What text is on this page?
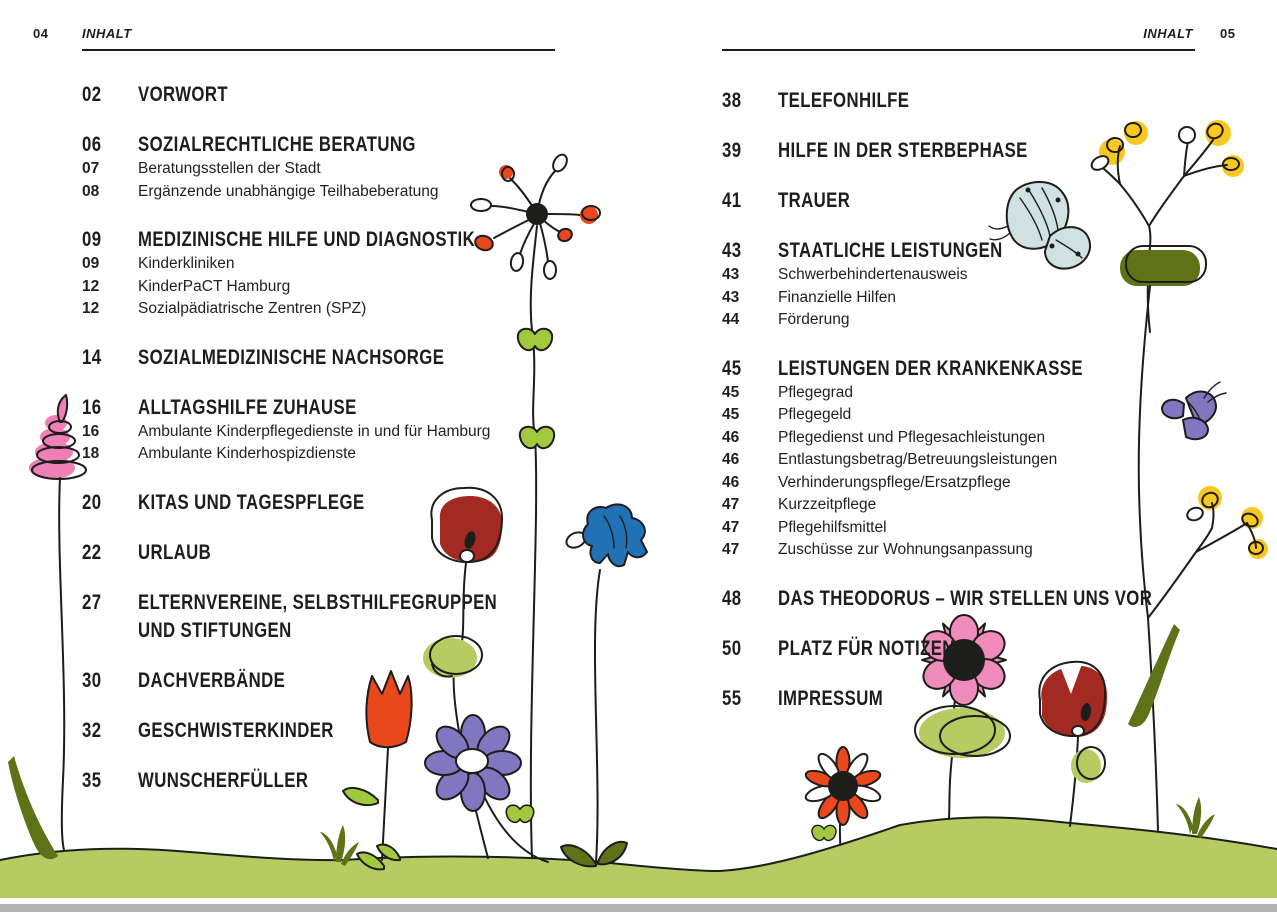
04	INHALT	INHALT 05
02	VORWORT
06	SOZIALRECHTLICHE BERATUNG
07	Beratungsstellen der Stadt
08	Ergänzende unabhängige Teilhabeberatung
09	MEDIZINISCHE HILFE UND DIAGNOSTIK
09	Kinderkliniken
12	KinderPaCT Hamburg
12	Sozialpädiatrische Zentren (SPZ)
14	SOZIALMEDIZINISCHE NACHSORGE
16	ALLTAGSHILFE ZUHAUSE
16	Ambulante Kinderpflegedienste in und für Hamburg
18	Ambulante Kinderhospizdienste
20	KITAS UND TAGESPFLEGE
22	URLAUB
27	ELTERNVEREINE, SELBSTHILFEGRUPPEN
UND STIFTUNGEN
30	DACHVERBÄNDE
32	GESCHWISTERKINDER
35	WUNSCHERFÜLLER
38	TELEFONHILFE
39	HILFE IN DER STERBEPHASE
41	TRAUER
43	STAATLICHE LEISTUNGEN
43	Schwerbehindertenausweis
43	Finanzielle Hilfen
44	Förderung
45	LEISTUNGEN DER KRANKENKASSE
45	Pflegegrad
45	Pflegegeld
46	Pflegedienst und Pflegesachleistungen
46	Entlastungsbetrag/Betreuungsleistungen
46	Verhinderungspflege/Ersatzpflege
47	Kurzzeitpflege
47	Pflegehilfsmittel
47	Zuschüsse zur Wohnungsanpassung
48	DAS THEODORUS – WIR STELLEN UNS VOR
50	PLATZ FÜR NOTIZEN
55	IMPRESSUM
